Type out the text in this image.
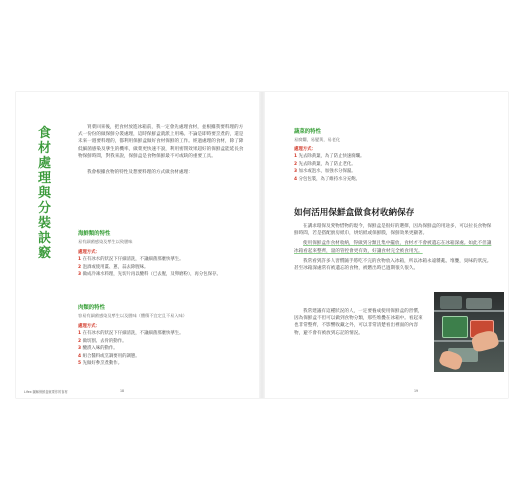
食材處理與分裝訣竅

買菜回來後，把食材放進冰箱前，我一定會先處理食材，並根據我要料理的方式一份份的做保鮮分裝處理，這時保鮮盒就派上用場。不論是即時要烹煮的，還是未來一週要料理的，都利用保鮮盒做好食材保鮮的工作。經過處理的食材，除了降低細菌感染及孳生的機率，做菜更快速不說，利用密閉效果超好的保鮮盒能延長食物保鮮時間，對我來說，保鮮盒是食物保鮮最不可或缺的重要工具。

我會根據食物的特性及想要料理的方式做食材處理：

海鮮類的特性

易有細菌感染及孳生以致腥味

處理方式：

1 在有冰水的狀況下仔細清洗，不讓細菌那麼快孳生。

2 泡酒或使用薑、蔥，蒜去除腥味。

3 做成冷凍水料理，先切片再以醃料（已去腥，及卵磨粉），再分包保存。

肉類的特性

容易有細菌感染及孳生以及腥味（體積不宜定且不易入味）

處理方式：

1 在有冰水的狀況下仔細清洗，不讓細菌那麼快孳生。

2 做切割、去骨的動作。

3 醃漬入味的動作。

4 組合醬料或烹調要用的調態。

5 先做好參烹煮動作。

Lifex 圖解保鮮盒就要你的食材	18

蔬菜的特性

易腐爛，易變黃，易老化

處理方式：

1 先去除黃葉，為了防止快速腐爛。

2 先去除黃葉，為了防止老化。

3 加水或泡水，加強水分保濕。

4 分包包裝，為了維持水分充飽。

如何活用保鮮盒做食材收納保存

在講求環保及愛物惜物的現今，保鮮盒是很好的選擇，因為保鮮盒的用途多，可以拉長食物保鮮時間，若是搭配廚房紙巾，烘焙紙或保鮮膜，保鮮效果更顯著。

使用保鮮盒作食材收納，得做到分類且集中擺放，食材才不會被遺忘在冰箱深處。如此不但讓冰箱看起來整齊，量的管控會更有效，好讓食材完全被食用光。

我常看到許多人習慣隨手將吃不完的食物放入冰箱，所以冰箱永遠雜亂、堆疊，臭味的狀況。甚至冰箱深處常有被遺忘的食物，被燃出時已過期很久很久。

我常建議有這種狀況的人，一定要養成使用保鮮盒的習慣，因為保鮮盒不但可以做到食物分類，那些堆疊在冰箱中。看起來也非常整齊，不影響收藏之外，可以非常清楚看出裡面的內容物，避不會有被放到忘記的情況。

19
